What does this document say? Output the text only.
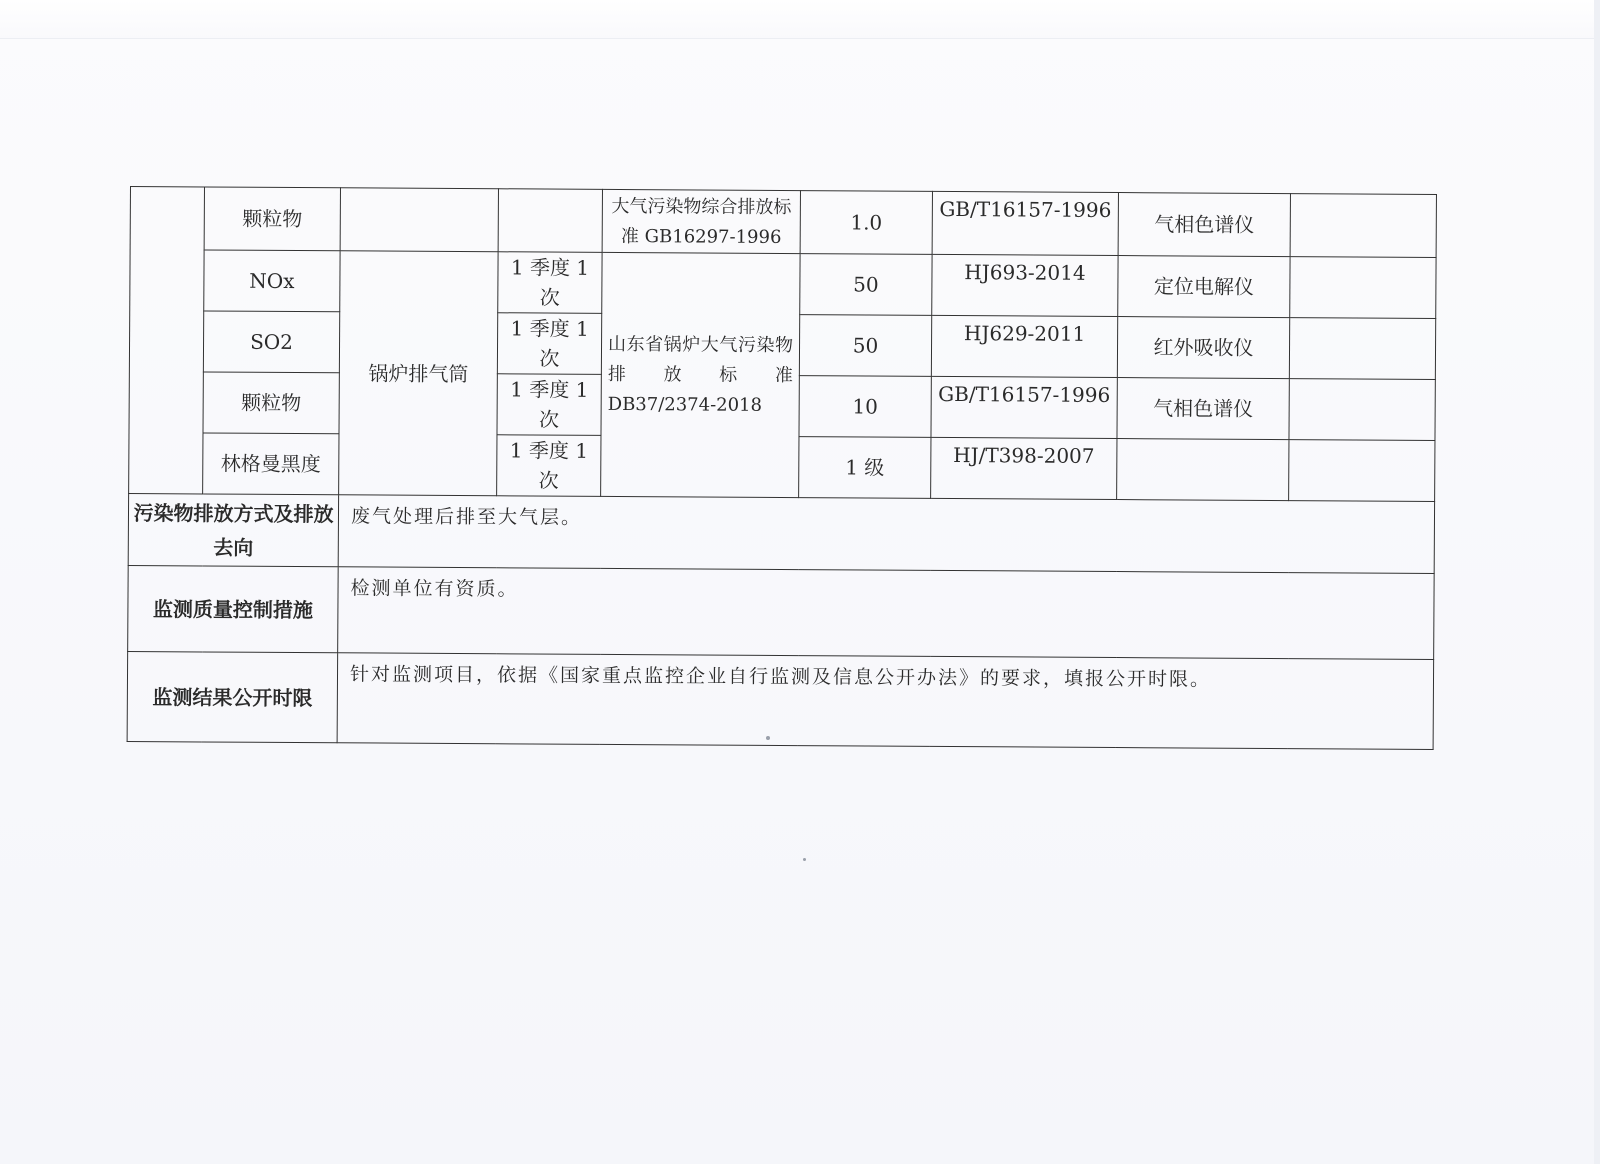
	颗粒物			大气污染物综合排放标准 GB16297-1996	1.0	GB/T16157-1996	气相色谱仪	
	NOx	锅炉排气筒	1 季度 1 次	山东省锅炉大气污染物排放标准 DB37/2374-2018	50	HJ693-2014	定位电解仪	
	SO2		1 季度 1 次		50	HJ629-2011	红外吸收仪	
	颗粒物		1 季度 1 次		10	GB/T16157-1996	气相色谱仪	
	林格曼黑度		1 季度 1 次		1 级	HJ/T398-2007		
污染物排放方式及排放去向		废气处理后排至大气层。						
监测质量控制措施		检测单位有资质。						
监测结果公开时限		针对监测项目，依据《国家重点监控企业自行监测及信息公开办法》的要求，填报公开时限。						
